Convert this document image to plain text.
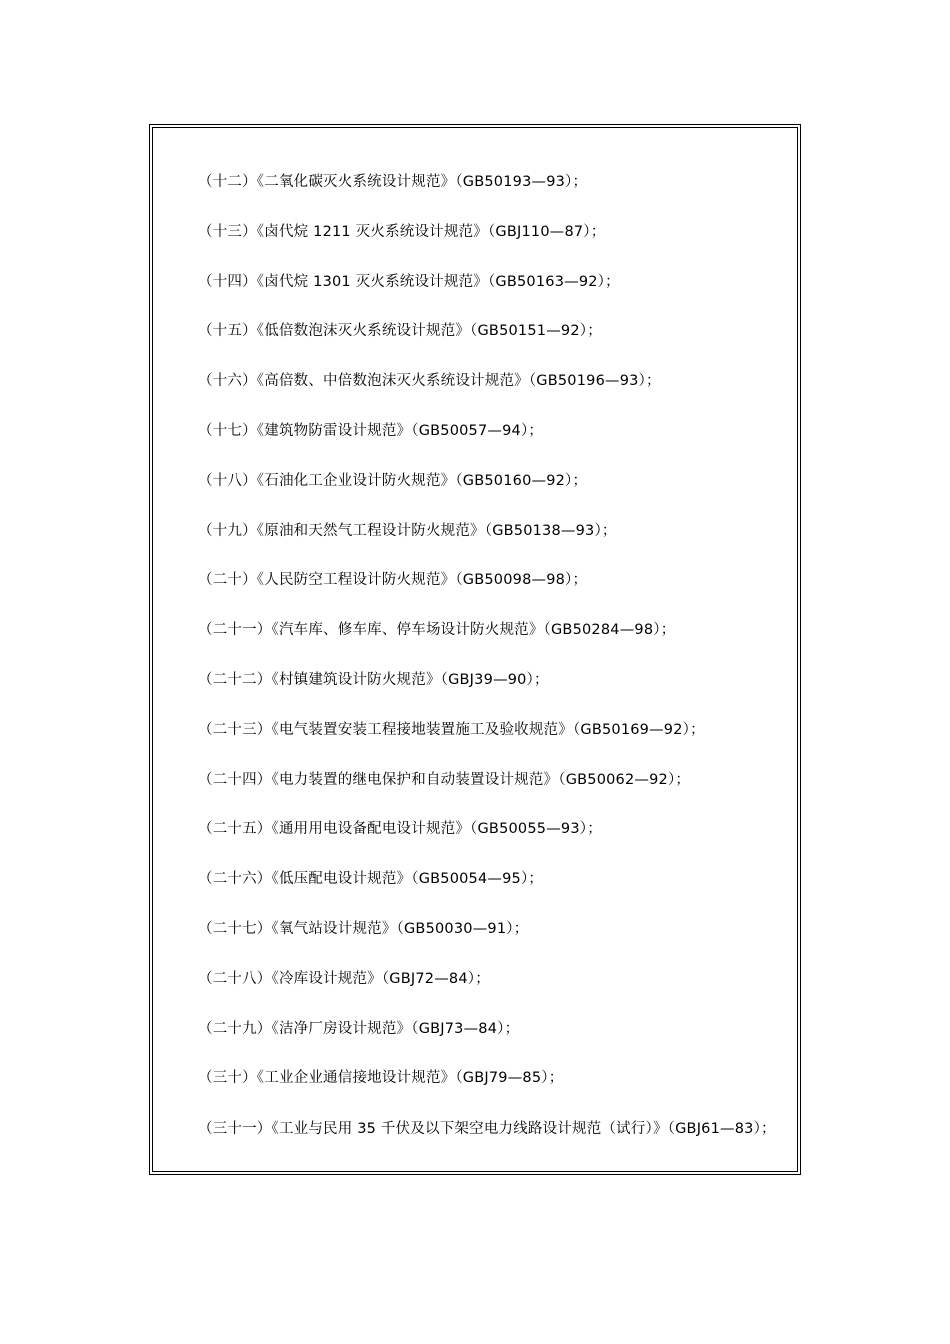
（十二）《二氧化碳灭火系统设计规范》（GB50193—93）；
（十三）《卤代烷 1211 灭火系统设计规范》（GBJ110—87）；
（十四）《卤代烷 1301 灭火系统设计规范》（GB50163—92）；
（十五）《低倍数泡沫灭火系统设计规范》（GB50151—92）；
（十六）《高倍数、中倍数泡沫灭火系统设计规范》（GB50196—93）；
（十七）《建筑物防雷设计规范》（GB50057—94）；
（十八）《石油化工企业设计防火规范》（GB50160—92）；
（十九）《原油和天然气工程设计防火规范》（GB50138—93）；
（二十）《人民防空工程设计防火规范》（GB50098—98）；
（二十一）《汽车库、修车库、停车场设计防火规范》（GB50284—98）；
（二十二）《村镇建筑设计防火规范》（GBJ39—90）；
（二十三）《电气装置安装工程接地装置施工及验收规范》（GB50169—92）；
（二十四）《电力装置的继电保护和自动装置设计规范》（GB50062—92）；
（二十五）《通用用电设备配电设计规范》（GB50055—93）；
（二十六）《低压配电设计规范》（GB50054—95）；
（二十七）《氧气站设计规范》（GB50030—91）；
（二十八）《冷库设计规范》（GBJ72—84）；
（二十九）《洁净厂房设计规范》（GBJ73—84）；
（三十）《工业企业通信接地设计规范》（GBJ79—85）；
（三十一）《工业与民用 35 千伏及以下架空电力线路设计规范（试行）》（GBJ61—83）；
